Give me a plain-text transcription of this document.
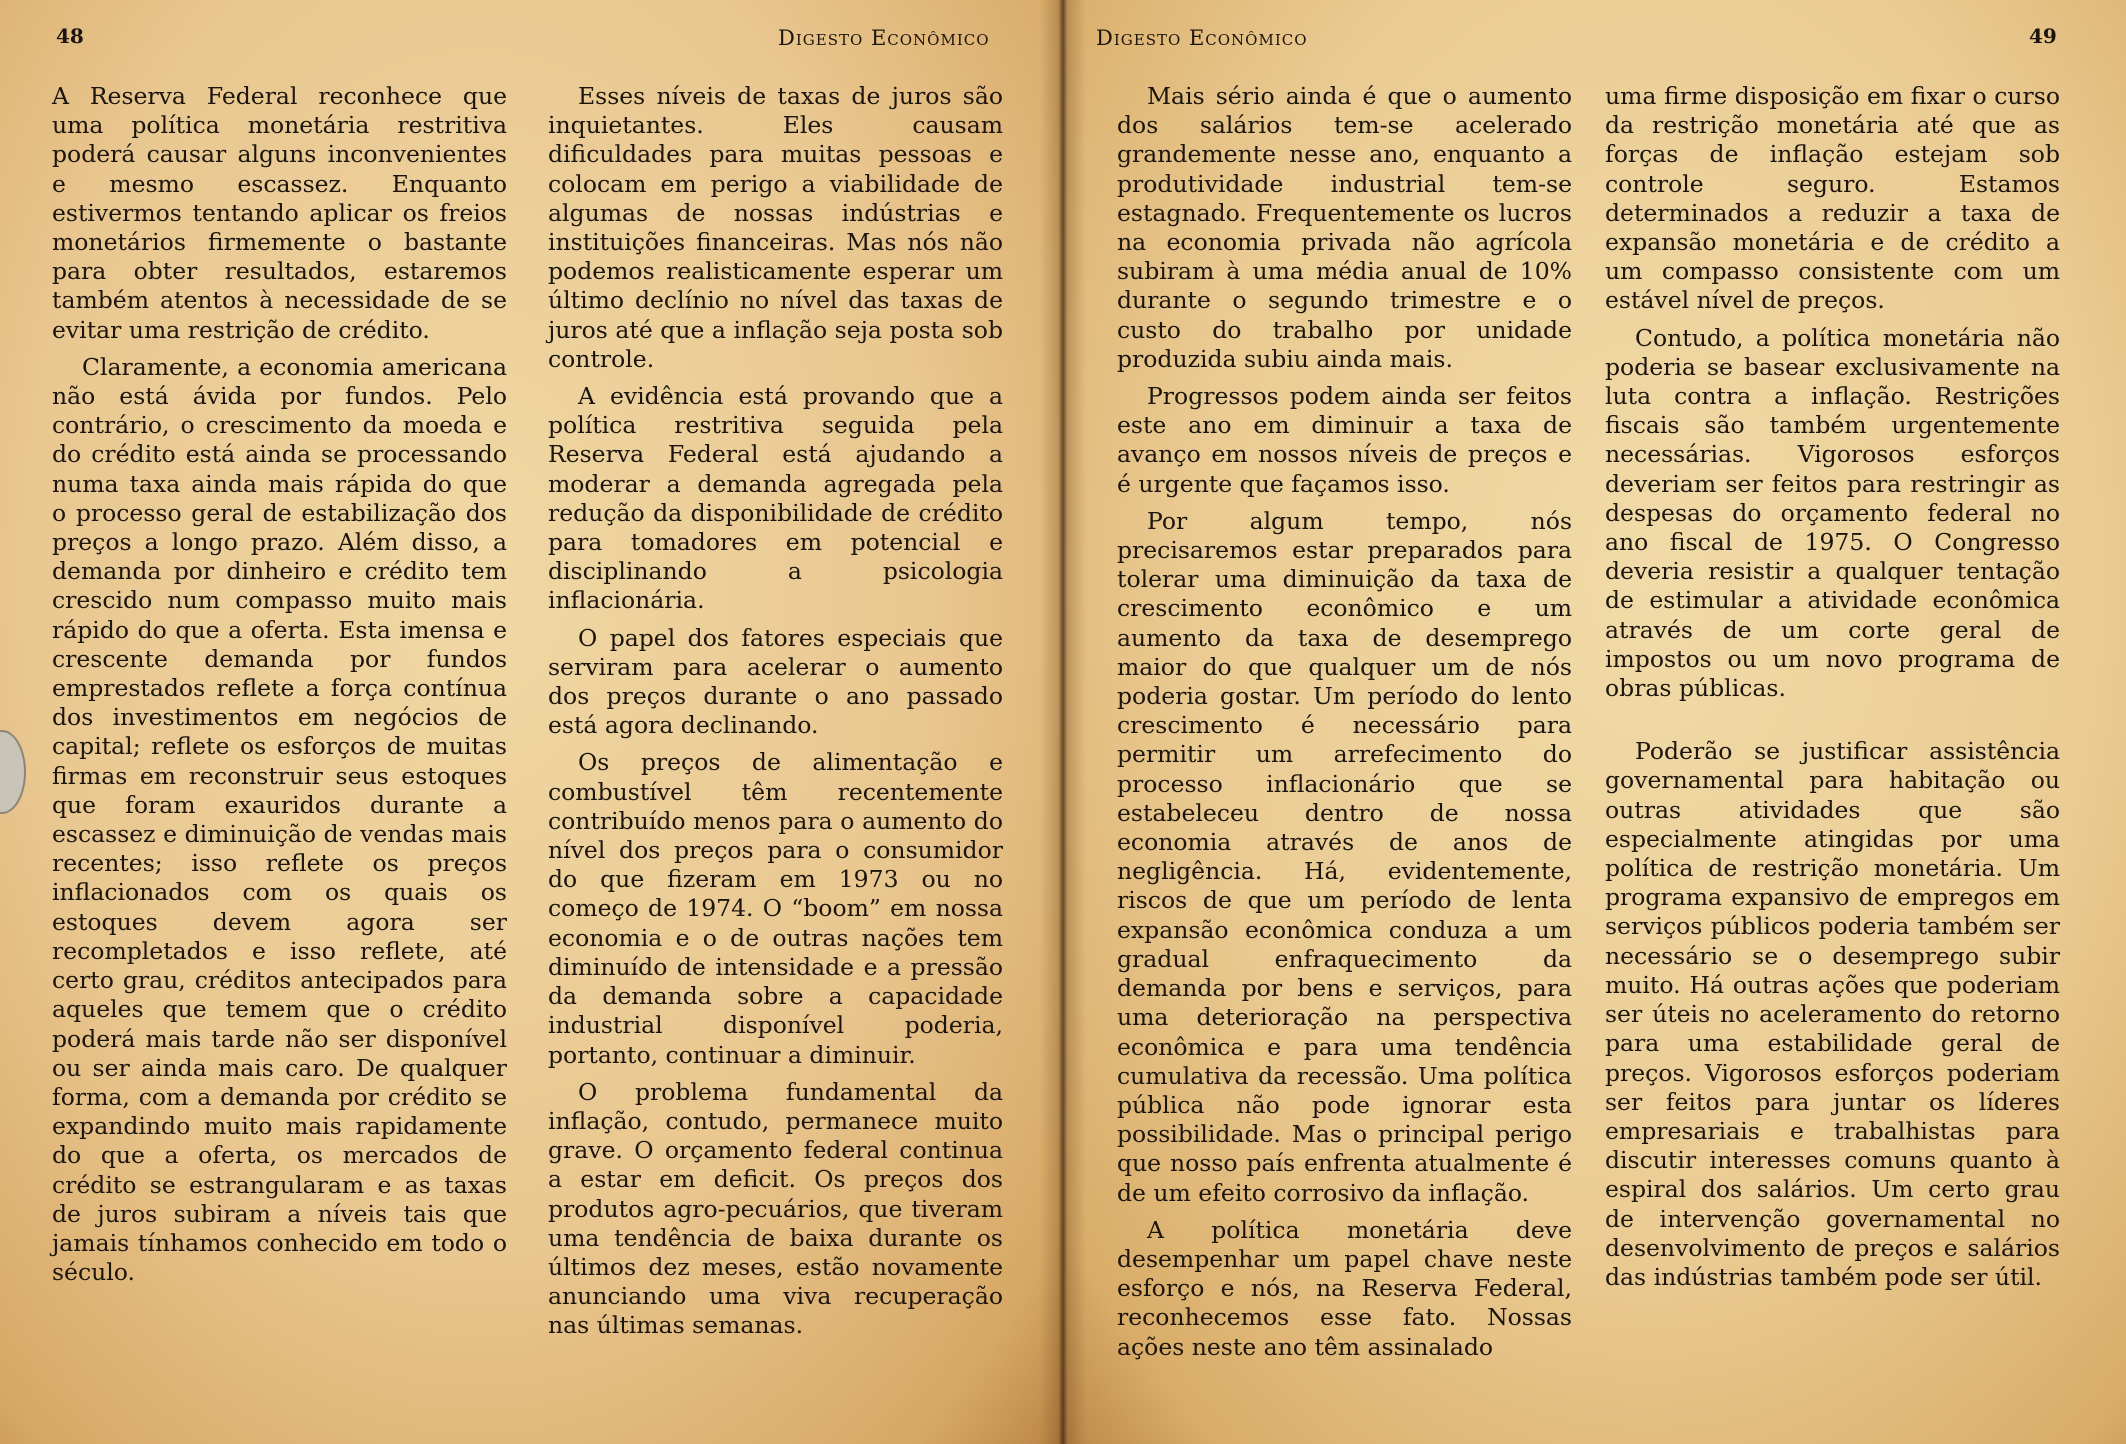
48	Digesto Econômico

A Reserva Federal reconhece que uma política monetária restritiva poderá causar alguns inconvenientes e mesmo escassez. Enquanto estivermos tentando aplicar os freios monetários firmemente o bastante para obter resultados, estaremos também atentos à necessidade de se evitar uma restrição de crédito.

Claramente, a economia americana não está ávida por fundos. Pelo contrário, o crescimento da moeda e do crédito está ainda se processando numa taxa ainda mais rápida do que o processo geral de estabilização dos preços a longo prazo. Além disso, a demanda por dinheiro e crédito tem crescido num compasso muito mais rápido do que a oferta. Esta imensa e crescente demanda por fundos emprestados reflete a força contínua dos investimentos em negócios de capital; reflete os esforços de muitas firmas em reconstruir seus estoques que foram exauridos durante a escassez e diminuição de vendas mais recentes; isso reflete os preços inflacionados com os quais os estoques devem agora ser recompletados e isso reflete, até certo grau, créditos antecipados para aqueles que temem que o crédito poderá mais tarde não ser disponível ou ser ainda mais caro. De qualquer forma, com a demanda por crédito se expandindo muito mais rapidamente do que a oferta, os mercados de crédito se estrangularam e as taxas de juros subiram a níveis tais que jamais tínhamos conhecido em todo o século.

Esses níveis de taxas de juros são inquietantes. Eles causam dificuldades para muitas pessoas e colocam em perigo a viabilidade de algumas de nossas indústrias e instituições financeiras. Mas nós não podemos realisticamente esperar um último declínio no nível das taxas de juros até que a inflação seja posta sob controle.

A evidência está provando que a política restritiva seguida pela Reserva Federal está ajudando a moderar a demanda agregada pela redução da disponibilidade de crédito para tomadores em potencial e disciplinando a psicologia inflacionária.

O papel dos fatores especiais que serviram para acelerar o aumento dos preços durante o ano passado está agora declinando.

Os preços de alimentação e combustível têm recentemente contribuído menos para o aumento do nível dos preços para o consumidor do que fizeram em 1973 ou no começo de 1974. O “boom” em nossa economia e o de outras nações tem diminuído de intensidade e a pressão da demanda sobre a capacidade industrial disponível poderia, portanto, continuar a diminuir.

O problema fundamental da inflação, contudo, permanece muito grave. O orçamento federal continua a estar em deficit. Os preços dos produtos agro-pecuários, que tiveram uma tendência de baixa durante os últimos dez meses, estão novamente anunciando uma viva recuperação nas últimas semanas.

Digesto Econômico	49

Mais sério ainda é que o aumento dos salários tem-se acelerado grandemente nesse ano, enquanto a produtividade industrial tem-se estagnado. Frequentemente os lucros na economia privada não agrícola subiram à uma média anual de 10% durante o segundo trimestre e o custo do trabalho por unidade produzida subiu ainda mais.

Progressos podem ainda ser feitos este ano em diminuir a taxa de avanço em nossos níveis de preços e é urgente que façamos isso.

Por algum tempo, nós precisaremos estar preparados para tolerar uma diminuição da taxa de crescimento econômico e um aumento da taxa de desemprego maior do que qualquer um de nós poderia gostar. Um período do lento crescimento é necessário para permitir um arrefecimento do processo inflacionário que se estabeleceu dentro de nossa economia através de anos de negligência. Há, evidentemente, riscos de que um período de lenta expansão econômica conduza a um gradual enfraquecimento da demanda por bens e serviços, para uma deterioração na perspectiva econômica e para uma tendência cumulativa da recessão. Uma política pública não pode ignorar esta possibilidade. Mas o principal perigo que nosso país enfrenta atualmente é de um efeito corrosivo da inflação.

A política monetária deve desempenhar um papel chave neste esforço e nós, na Reserva Federal, reconhecemos esse fato. Nossas ações neste ano têm assinalado

uma firme disposição em fixar o curso da restrição monetária até que as forças de inflação estejam sob controle seguro. Estamos determinados a reduzir a taxa de expansão monetária e de crédito a um compasso consistente com um estável nível de preços.

Contudo, a política monetária não poderia se basear exclusivamente na luta contra a inflação. Restrições fiscais são também urgentemente necessárias. Vigorosos esforços deveriam ser feitos para restringir as despesas do orçamento federal no ano fiscal de 1975. O Congresso deveria resistir a qualquer tentação de estimular a atividade econômica através de um corte geral de impostos ou um novo programa de obras públicas.

Poderão se justificar assistência governamental para habitação ou outras atividades que são especialmente atingidas por uma política de restrição monetária. Um programa expansivo de empregos em serviços públicos poderia também ser necessário se o desemprego subir muito. Há outras ações que poderiam ser úteis no aceleramento do retorno para uma estabilidade geral de preços. Vigorosos esforços poderiam ser feitos para juntar os líderes empresariais e trabalhistas para discutir interesses comuns quanto à espiral dos salários. Um certo grau de intervenção governamental no desenvolvimento de preços e salários das indústrias também pode ser útil.
